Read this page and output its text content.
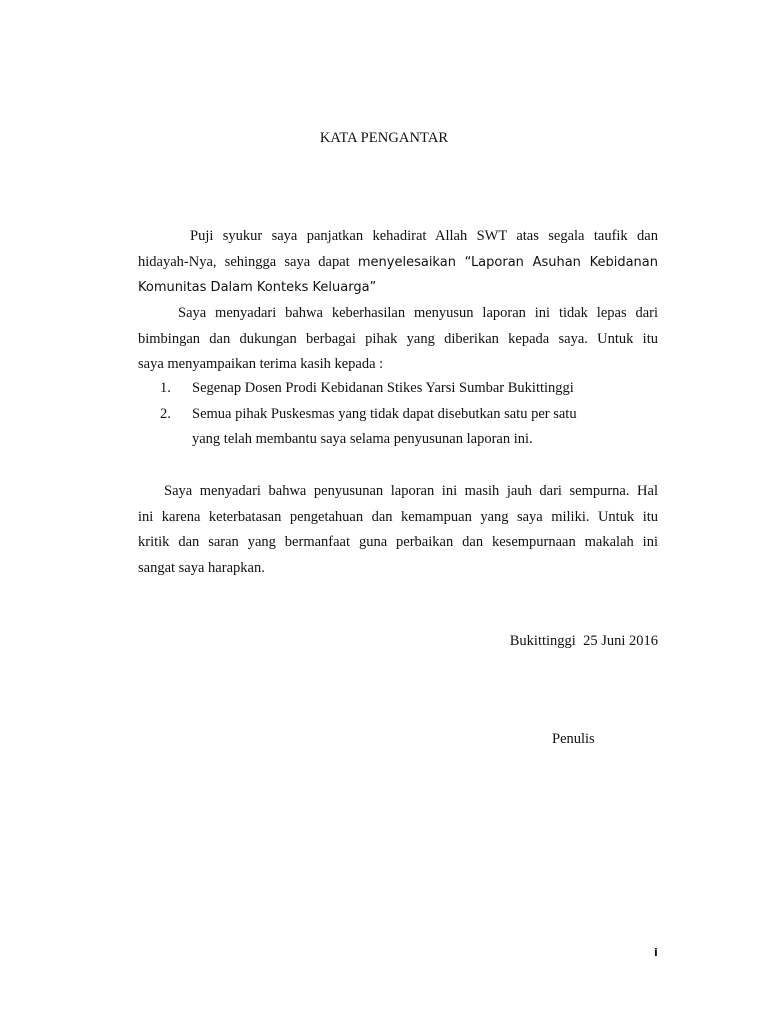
KATA PENGANTAR
Puji syukur saya panjatkan kehadirat Allah SWT atas segala taufik dan
hidayah-Nya, sehingga saya dapat menyelesaikan “Laporan Asuhan Kebidanan
Komunitas Dalam Konteks Keluarga”
Saya menyadari bahwa keberhasilan menyusun laporan ini tidak lepas dari
bimbingan dan dukungan berbagai pihak yang diberikan kepada saya. Untuk itu
saya menyampaikan terima kasih kepada :
1. Segenap Dosen Prodi Kebidanan Stikes Yarsi Sumbar Bukittinggi
2. Semua pihak Puskesmas yang tidak dapat disebutkan satu per satu
yang telah membantu saya selama penyusunan laporan ini.
Saya menyadari bahwa penyusunan laporan ini masih jauh dari sempurna. Hal
ini karena keterbatasan pengetahuan dan kemampuan yang saya miliki. Untuk itu
kritik dan saran yang bermanfaat guna perbaikan dan kesempurnaan makalah ini
sangat saya harapkan.
Bukittinggi  25 Juni 2016
Penulis
i
